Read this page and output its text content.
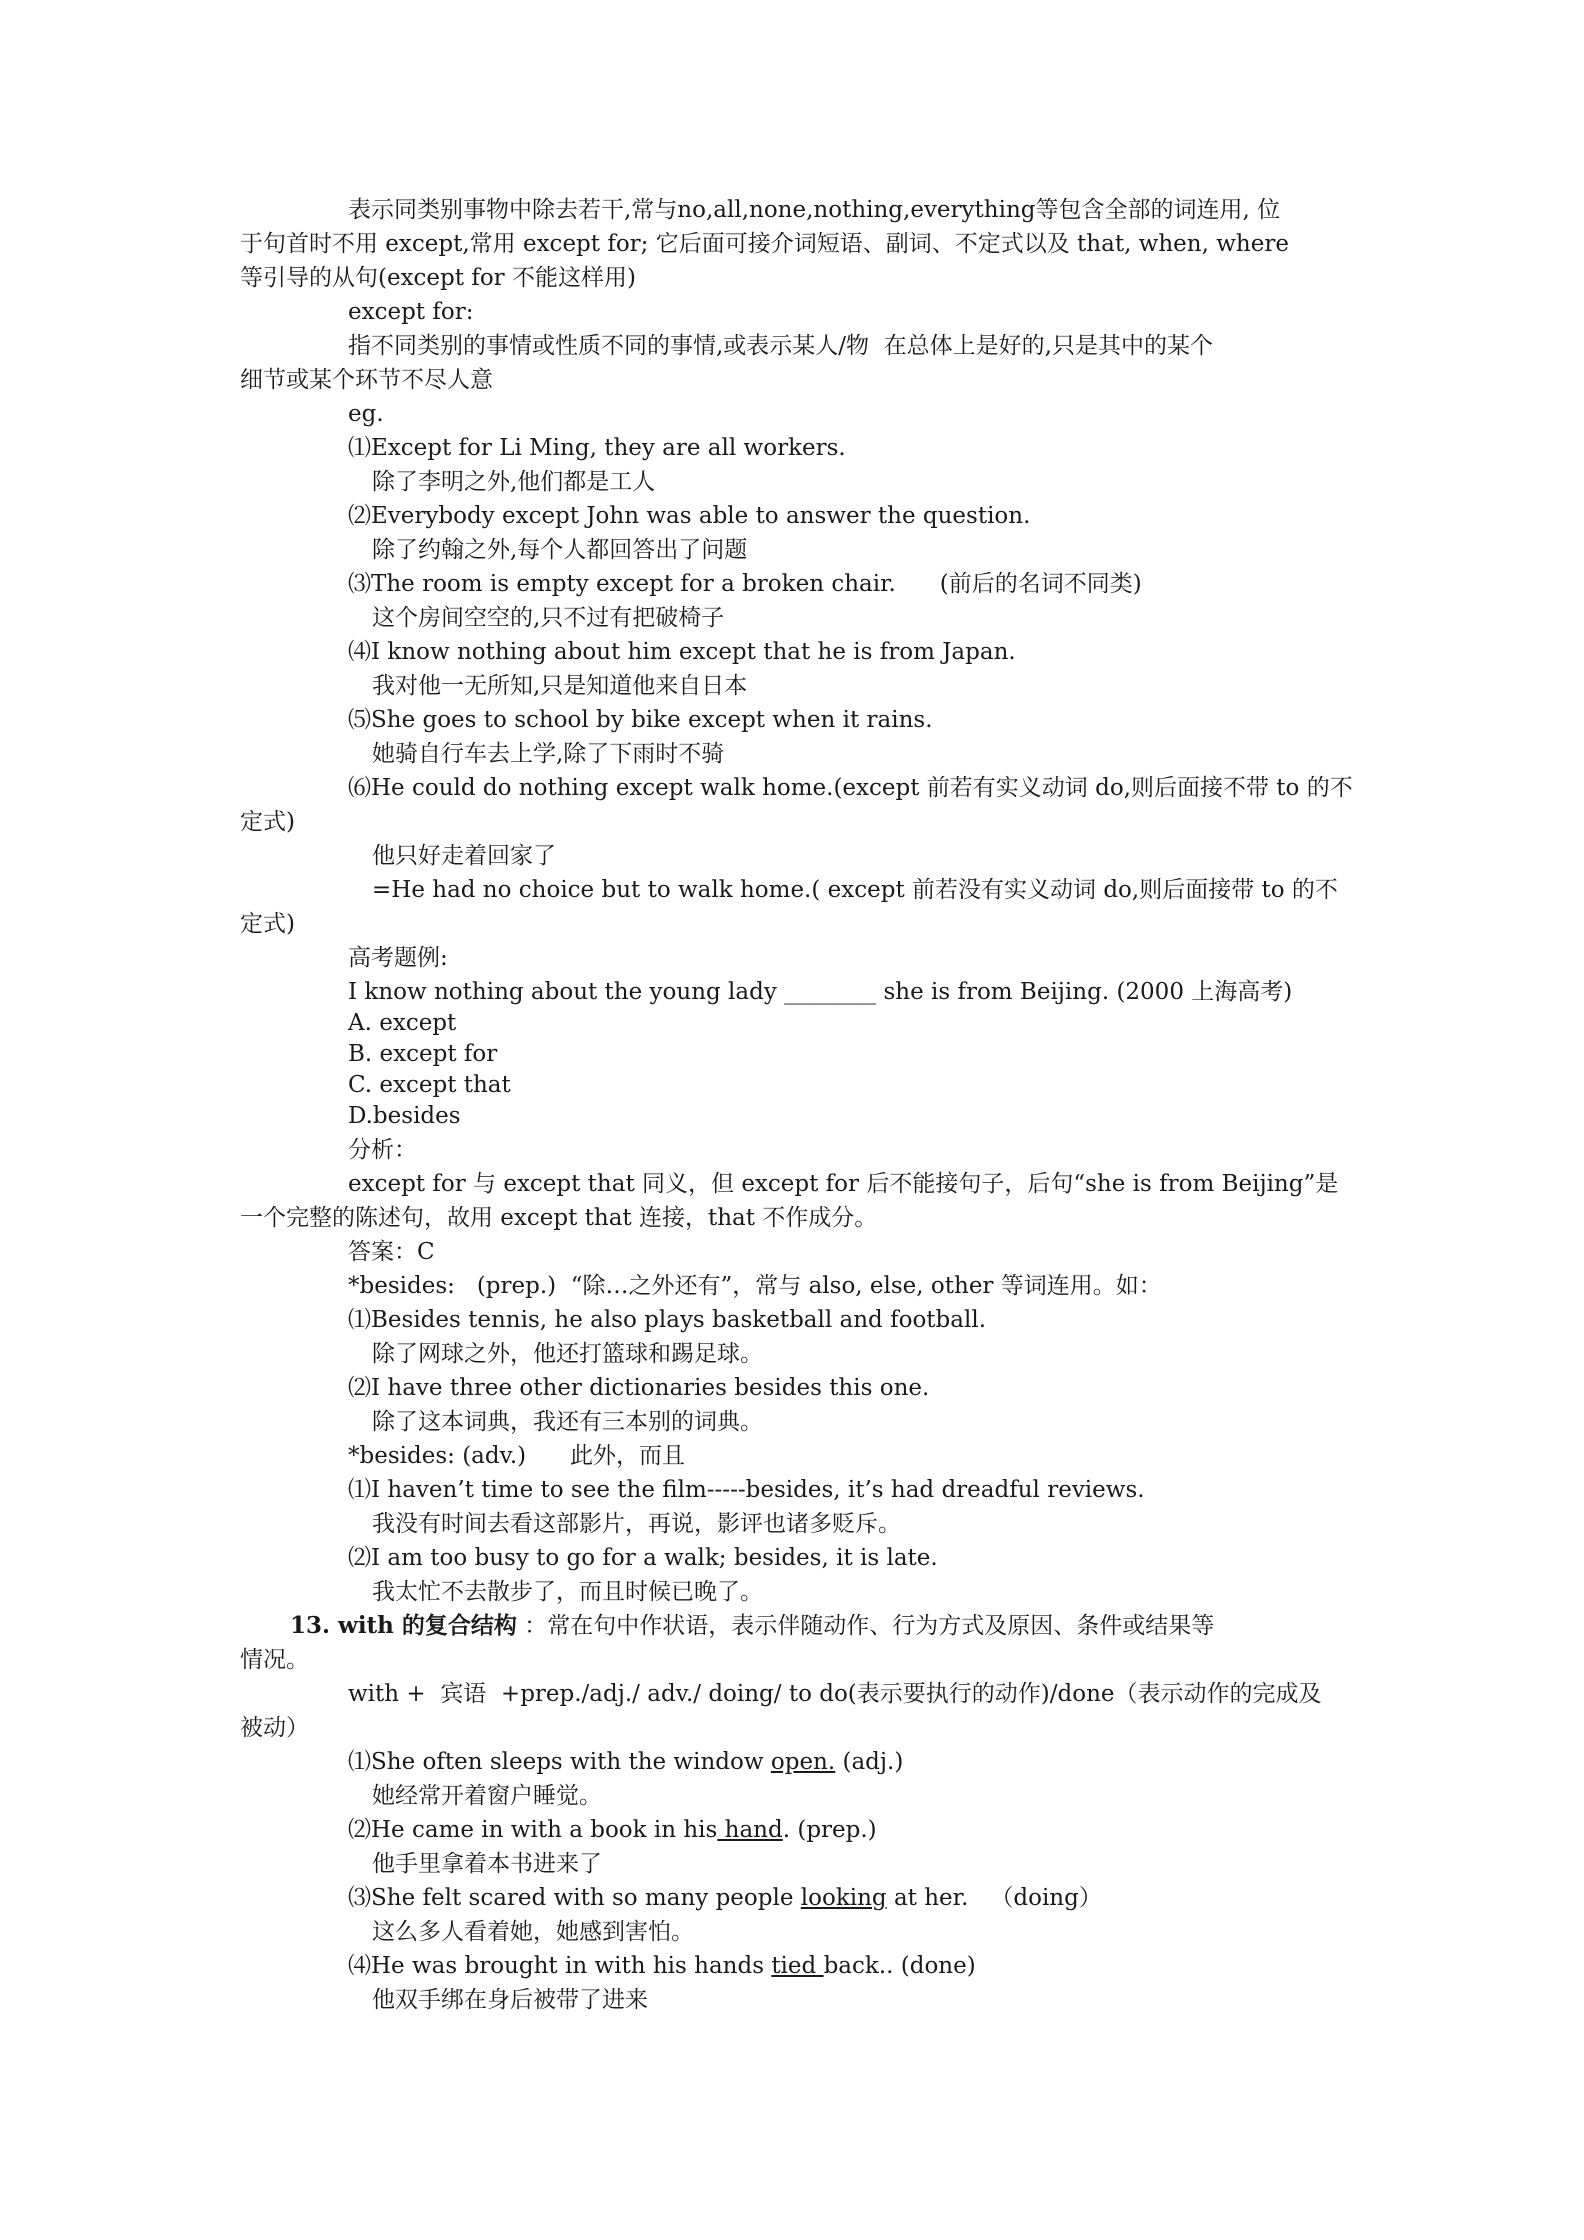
表示同类别事物中除去若干,常与no,all,none,nothing,everything等包含全部的词连用, 位
于句首时不用 except,常用 except for; 它后面可接介词短语、副词、不定式以及 that, when, where
等引导的从句(except for 不能这样用)
except for:
指不同类别的事情或性质不同的事情,或表示某人/物  在总体上是好的,只是其中的某个
细节或某个环节不尽人意
eg.
⑴Except for Li Ming, they are all workers.
除了李明之外,他们都是工人
⑵Everybody except John was able to answer the question.
除了约翰之外,每个人都回答出了问题
⑶The room is empty except for a broken chair.      (前后的名词不同类)
这个房间空空的,只不过有把破椅子
⑷I know nothing about him except that he is from Japan.
我对他一无所知,只是知道他来自日本
⑸She goes to school by bike except when it rains.
她骑自行车去上学,除了下雨时不骑
⑹He could do nothing except walk home.(except 前若有实义动词 do,则后面接不带 to 的不
定式)
他只好走着回家了
=He had no choice but to walk home.( except 前若没有实义动词 do,则后面接带 to 的不
定式)
高考题例:
I know nothing about the young lady ________ she is from Beijing. (2000 上海高考)
A. except
B. except for
C. except that
D.besides
分析：
except for 与 except that 同义，但 except for 后不能接句子，后句“she is from Beijing”是
一个完整的陈述句，故用 except that 连接，that 不作成分。
答案：C
*besides:   (prep.)  “除…之外还有”，常与 also, else, other 等词连用。如：
⑴Besides tennis, he also plays basketball and football.
除了网球之外，他还打篮球和踢足球。
⑵I have three other dictionaries besides this one.
除了这本词典，我还有三本别的词典。
*besides: (adv.)      此外，而且
⑴I haven’t time to see the film-----besides, it’s had dreadful reviews.
我没有时间去看这部影片，再说，影评也诸多贬斥。
⑵I am too busy to go for a walk; besides, it is late.
我太忙不去散步了，而且时候已晚了。
13. with 的复合结构 ：常在句中作状语，表示伴随动作、行为方式及原因、条件或结果等
情况。
with +  宾语  +prep./adj./ adv./ doing/ to do(表示要执行的动作)/done（表示动作的完成及
被动）
⑴She often sleeps with the window open. (adj.)
她经常开着窗户睡觉。
⑵He came in with a book in his hand. (prep.)
他手里拿着本书进来了
⑶She felt scared with so many people looking at her.   （doing）
这么多人看着她，她感到害怕。
⑷He was brought in with his hands tied back.. (done)
他双手绑在身后被带了进来
